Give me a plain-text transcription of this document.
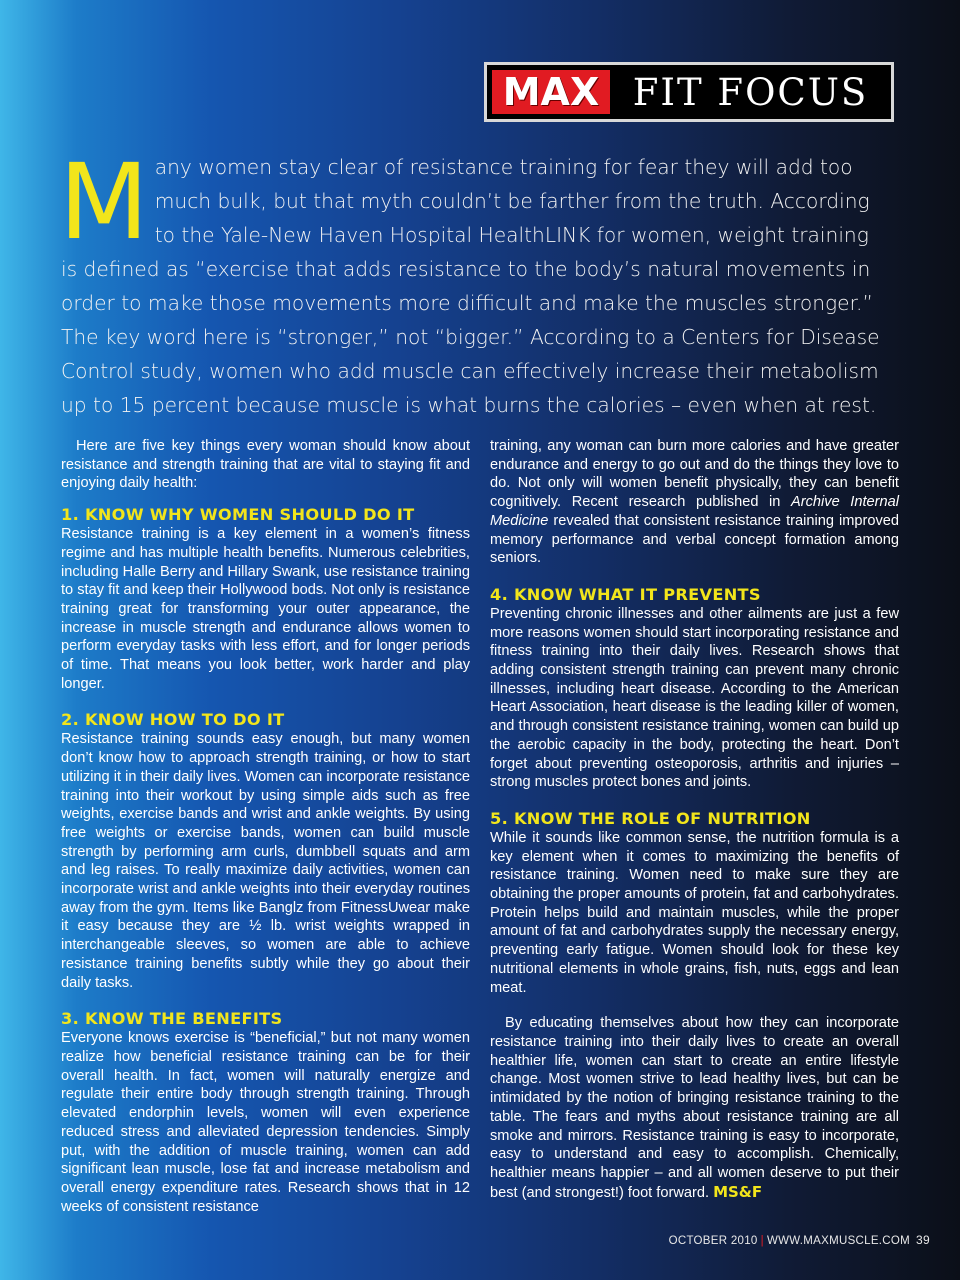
MAX FIT FOCUS
M any women stay clear of resistance training for fear they will add too much bulk, but that myth couldn’t be farther from the truth. According to the Yale-New Haven Hospital HealthLINK for women, weight training is defined as “exercise that adds resistance to the body’s natural movements in order to make those movements more difficult and make the muscles stronger.” The key word here is “stronger,” not “bigger.” According to a Centers for Disease Control study, women who add muscle can effectively increase their metabolism up to 15 percent because muscle is what burns the calories – even when at rest.

Here are five key things every woman should know about resistance and strength training that are vital to staying fit and enjoying daily health:

1. KNOW WHY WOMEN SHOULD DO IT

Resistance training is a key element in a women’s fitness regime and has multiple health benefits. Numerous celebrities, including Halle Berry and Hillary Swank, use resistance training to stay fit and keep their Hollywood bods. Not only is resistance training great for transforming your outer appearance, the increase in muscle strength and endurance allows women to perform everyday tasks with less effort, and for longer periods of time. That means you look better, work harder and play longer.

2. KNOW HOW TO DO IT

Resistance training sounds easy enough, but many women don’t know how to approach strength training, or how to start utilizing it in their daily lives. Women can incorporate resistance training into their workout by using simple aids such as free weights, exercise bands and wrist and ankle weights. By using free weights or exercise bands, women can build muscle strength by performing arm curls, dumbbell squats and arm and leg raises. To really maximize daily activities, women can incorporate wrist and ankle weights into their everyday routines away from the gym. Items like Banglz from FitnessUwear make it easy because they are ½ lb. wrist weights wrapped in interchangeable sleeves, so women are able to achieve resistance training benefits subtly while they go about their daily tasks.

3. KNOW THE BENEFITS

Everyone knows exercise is “beneficial,” but not many women realize how beneficial resistance training can be for their overall health. In fact, women will naturally energize and regulate their entire body through strength training. Through elevated endorphin levels, women will even experience reduced stress and alleviated depression tendencies. Simply put, with the addition of muscle training, women can add significant lean muscle, lose fat and increase metabolism and overall energy expenditure rates. Research shows that in 12 weeks of consistent resistance

training, any woman can burn more calories and have greater endurance and energy to go out and do the things they love to do. Not only will women benefit physically, they can benefit cognitively. Recent research published in Archive Internal Medicine revealed that consistent resistance training improved memory performance and verbal concept formation among seniors.

4. KNOW WHAT IT PREVENTS

Preventing chronic illnesses and other ailments are just a few more reasons women should start incorporating resistance and fitness training into their daily lives. Research shows that adding consistent strength training can prevent many chronic illnesses, including heart disease. According to the American Heart Association, heart disease is the leading killer of women, and through consistent resistance training, women can build up the aerobic capacity in the body, protecting the heart. Don’t forget about preventing osteoporosis, arthritis and injuries – strong muscles protect bones and joints.

5. KNOW THE ROLE OF NUTRITION

While it sounds like common sense, the nutrition formula is a key element when it comes to maximizing the benefits of resistance training. Women need to make sure they are obtaining the proper amounts of protein, fat and carbohydrates. Protein helps build and maintain muscles, while the proper amount of fat and carbohydrates supply the necessary energy, preventing early fatigue. Women should look for these key nutritional elements in whole grains, fish, nuts, eggs and lean meat.

By educating themselves about how they can incorporate resistance training into their daily lives to create an overall healthier life, women can start to create an entire lifestyle change. Most women strive to lead healthy lives, but can be intimidated by the notion of bringing resistance training to the table. The fears and myths about resistance training are all smoke and mirrors. Resistance training is easy to incorporate, easy to understand and easy to accomplish. Chemically, healthier means happier – and all women deserve to put their best (and strongest!) foot forward. MS&F

OCTOBER 2010 | WWW.MAXMUSCLE.COM 39
